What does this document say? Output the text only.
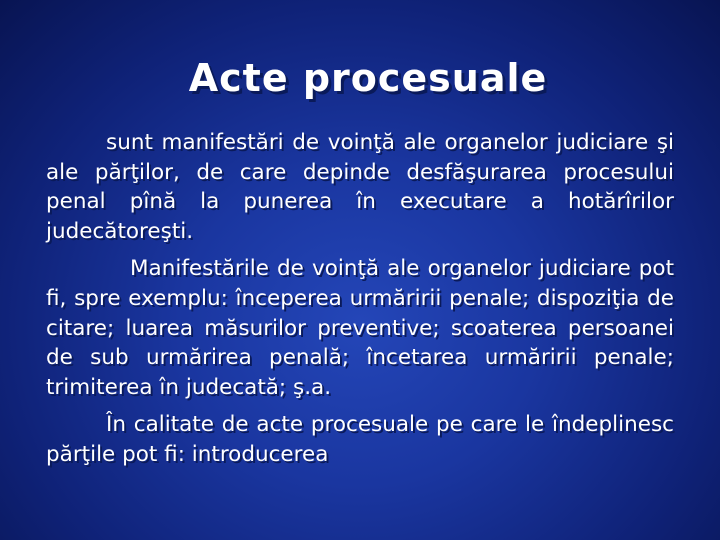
Acte procesuale

sunt manifestări de voinţă ale organelor judiciare şi ale părţilor, de care depinde desfăşurarea procesului penal pînă la punerea în executare a hotărîrilor judecătoreşti.

Manifestările de voinţă ale organelor judiciare pot fi, spre exemplu: începerea urmăririi penale; dispoziţia de citare; luarea măsurilor preventive; scoaterea persoanei de sub urmărirea penală; încetarea urmăririi penale; trimiterea în judecată; ş.a.

În calitate de acte procesuale pe care le îndeplinesc părţile pot fi: introducerea
